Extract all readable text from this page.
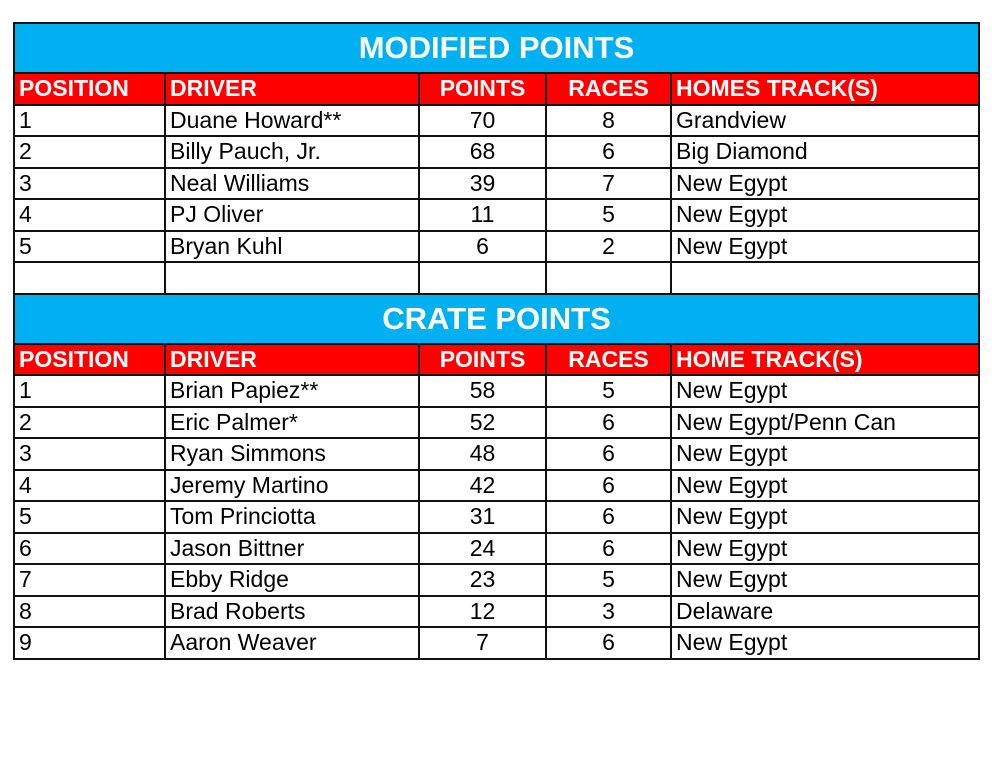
MODIFIED POINTS				
POSITION	DRIVER	POINTS	RACES	HOMES TRACK(S)
1	Duane Howard**	70	8	Grandview
2	Billy Pauch, Jr.	68	6	Big Diamond
3	Neal Williams	39	7	New Egypt
4	PJ Oliver	11	5	New Egypt
5	Bryan Kuhl	6	2	New Egypt

CRATE POINTS				
POSITION	DRIVER	POINTS	RACES	HOME TRACK(S)
1	Brian Papiez**	58	5	New Egypt
2	Eric Palmer*	52	6	New Egypt/Penn Can
3	Ryan Simmons	48	6	New Egypt
4	Jeremy Martino	42	6	New Egypt
5	Tom Princiotta	31	6	New Egypt
6	Jason Bittner	24	6	New Egypt
7	Ebby Ridge	23	5	New Egypt
8	Brad Roberts	12	3	Delaware
9	Aaron Weaver	7	6	New Egypt
